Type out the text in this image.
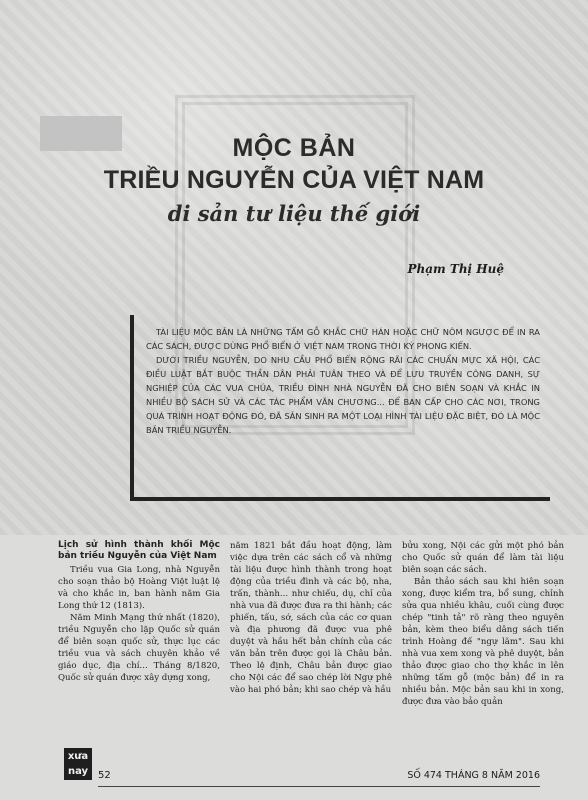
MỘC BẢN
TRIỀU NGUYỄN CỦA VIỆT NAM
di sản tư liệu thế giới
Phạm Thị Huệ

TÀI LIỆU MỘC BẢN LÀ NHỮNG TẤM GỖ KHẮC CHỮ HÁN HOẶC CHỮ NÔM NGƯỢC ĐỂ IN RA CÁC SÁCH, ĐƯỢC DÙNG PHỔ BIẾN Ở VIỆT NAM TRONG THỜI KỲ PHONG KIẾN.

DƯỚI TRIỀU NGUYỄN, DO NHU CẦU PHỔ BIẾN RỘNG RÃI CÁC CHUẨN MỰC XÃ HỘI, CÁC ĐIỀU LUẬT BẮT BUỘC THẦN DÂN PHẢI TUÂN THEO VÀ ĐỂ LƯU TRUYỀN CÔNG DANH, SỰ NGHIỆP CỦA CÁC VUA CHÚA, TRIỀU ĐÌNH NHÀ NGUYỄN ĐÃ CHO BIÊN SOẠN VÀ KHẮC IN NHIỀU BỘ SÁCH SỬ VÀ CÁC TÁC PHẨM VĂN CHƯƠNG... ĐỂ BAN CẤP CHO CÁC NƠI, TRONG QUÁ TRÌNH HOẠT ĐỘNG ĐÓ, ĐÃ SẢN SINH RA MỘT LOẠI HÌNH TÀI LIỆU ĐẶC BIỆT, ĐÓ LÀ MỘC BẢN TRIỀU NGUYỄN.

Lịch sử hình thành khối Mộc bản triều Nguyễn của Việt Nam

Triều vua Gia Long, nhà Nguyễn cho soạn thảo bộ Hoàng Việt luật lệ và cho khắc in, ban hành năm Gia Long thứ 12 (1813).

Năm Minh Mạng thứ nhất (1820), triều Nguyễn cho lập Quốc sử quán để biên soạn quốc sử, thực lục các triều vua và sách chuyên khảo về giáo dục, địa chí... Tháng 8/1820, Quốc sử quán được xây dựng xong,

năm 1821 bắt đầu hoạt động, làm việc dựa trên các sách cổ và những tài liệu được hình thành trong hoạt động của triều đình và các bộ, nha, trấn, thành... như chiếu, dụ, chỉ của nhà vua đã được đưa ra thi hành; các phiến, tấu, sớ, sách của các cơ quan và địa phương đã được vua phê duyệt và hầu hết bản chính của các văn bản trên được gọi là Châu bản. Theo lệ định, Châu bản được giao cho Nội các để sao chép lời Ngự phê vào hai phó bản; khi sao chép và hầu

bửu xong, Nội các gửi một phó bản cho Quốc sử quán để làm tài liệu biên soạn các sách.

Bản thảo sách sau khi hiên soạn xong, được kiểm tra, bổ sung, chỉnh sửa qua nhiều khâu, cuối cùng được chép "tinh tả" rõ ràng theo nguyên bản, kèm theo biểu dâng sách tiến trình Hoàng đế "ngự lãm". Sau khi nhà vua xem xong và phê duyệt, bản thảo được giao cho thợ khắc in lên những tấm gỗ (mộc bản) để in ra nhiều bản. Mộc bản sau khi in xong, được đưa vào bảo quản

xưa
nay 52	SỐ 474 THÁNG 8 NĂM 2016
